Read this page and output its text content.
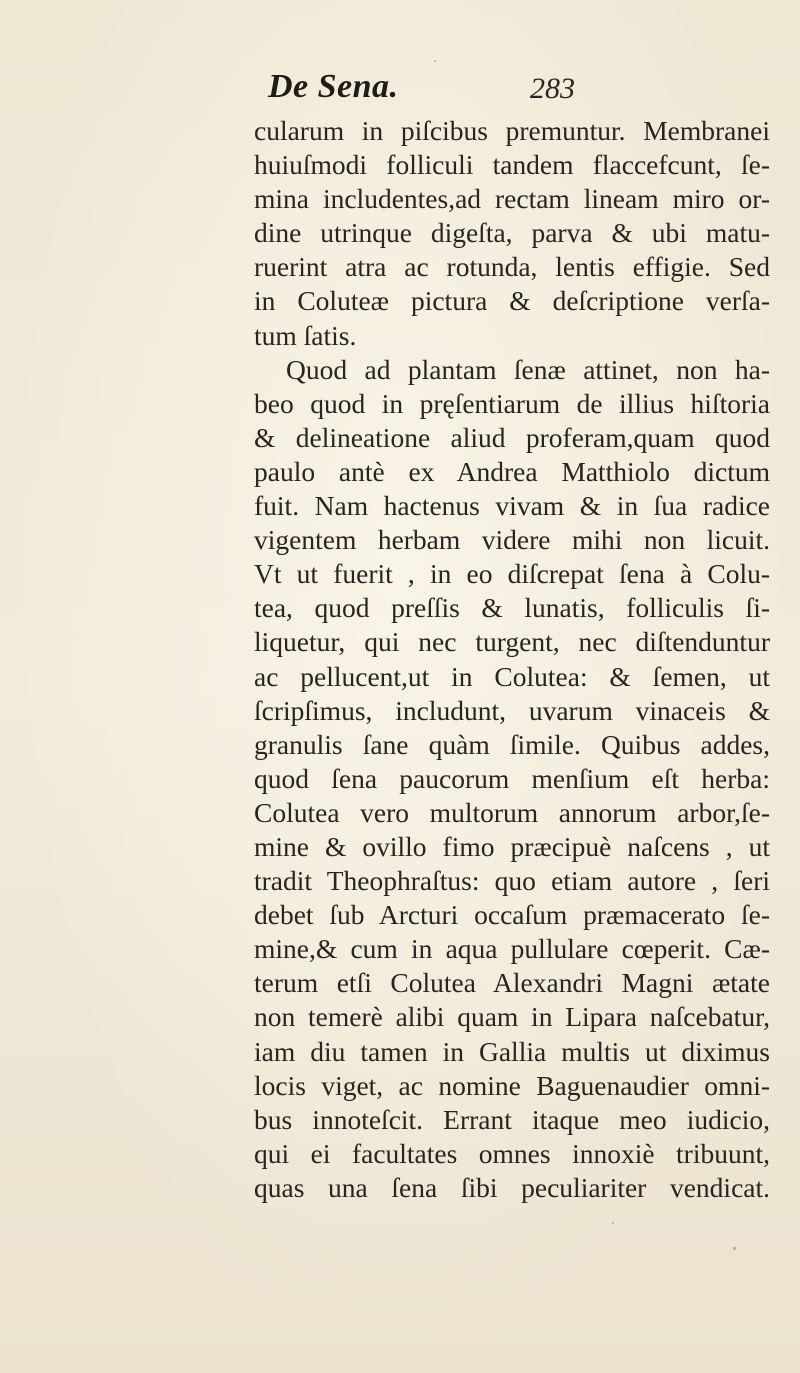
De Sena.	283
cularum in piſcibus premuntur. Membranei
huiuſmodi folliculi tandem flaccefcunt, ſe-
mina includentes,ad rectam lineam miro or-
dine utrinque digeſta, parva & ubi matu-
ruerint atra ac rotunda, lentis effigie. Sed
in Coluteæ pictura & deſcriptione verſa-
tum ſatis.
Quod ad plantam ſenæ attinet, non ha-
beo quod in pręſentiarum de illius hiſtoria
& delineatione aliud proferam,quam quod
paulo antè ex Andrea Matthiolo dictum
fuit. Nam hactenus vivam & in ſua radice
vigentem herbam videre mihi non licuit.
Vt ut fuerit , in eo diſcrepat ſena à Colu-
tea, quod preſſis & lunatis, folliculis ſi-
liquetur, qui nec turgent, nec diſtenduntur
ac pellucent,ut in Colutea: & ſemen, ut
ſcripſimus, includunt, uvarum vinaceis &
granulis ſane quàm ſimile. Quibus addes,
quod ſena paucorum menſium eſt herba:
Colutea vero multorum annorum arbor,ſe-
mine & ovillo fimo præcipuè naſcens , ut
tradit Theophraſtus: quo etiam autore , ſeri
debet ſub Arcturi occaſum præmacerato ſe-
mine,& cum in aqua pullulare cœperit. Cæ-
terum etſi Colutea Alexandri Magni ætate
non temerè alibi quam in Lipara naſcebatur,
iam diu tamen in Gallia multis ut diximus
locis viget, ac nomine Baguenaudier omni-
bus innoteſcit. Errant itaque meo iudicio,
qui ei facultates omnes innoxiè tribuunt,
quas una ſena ſibi peculiariter vendicat.
